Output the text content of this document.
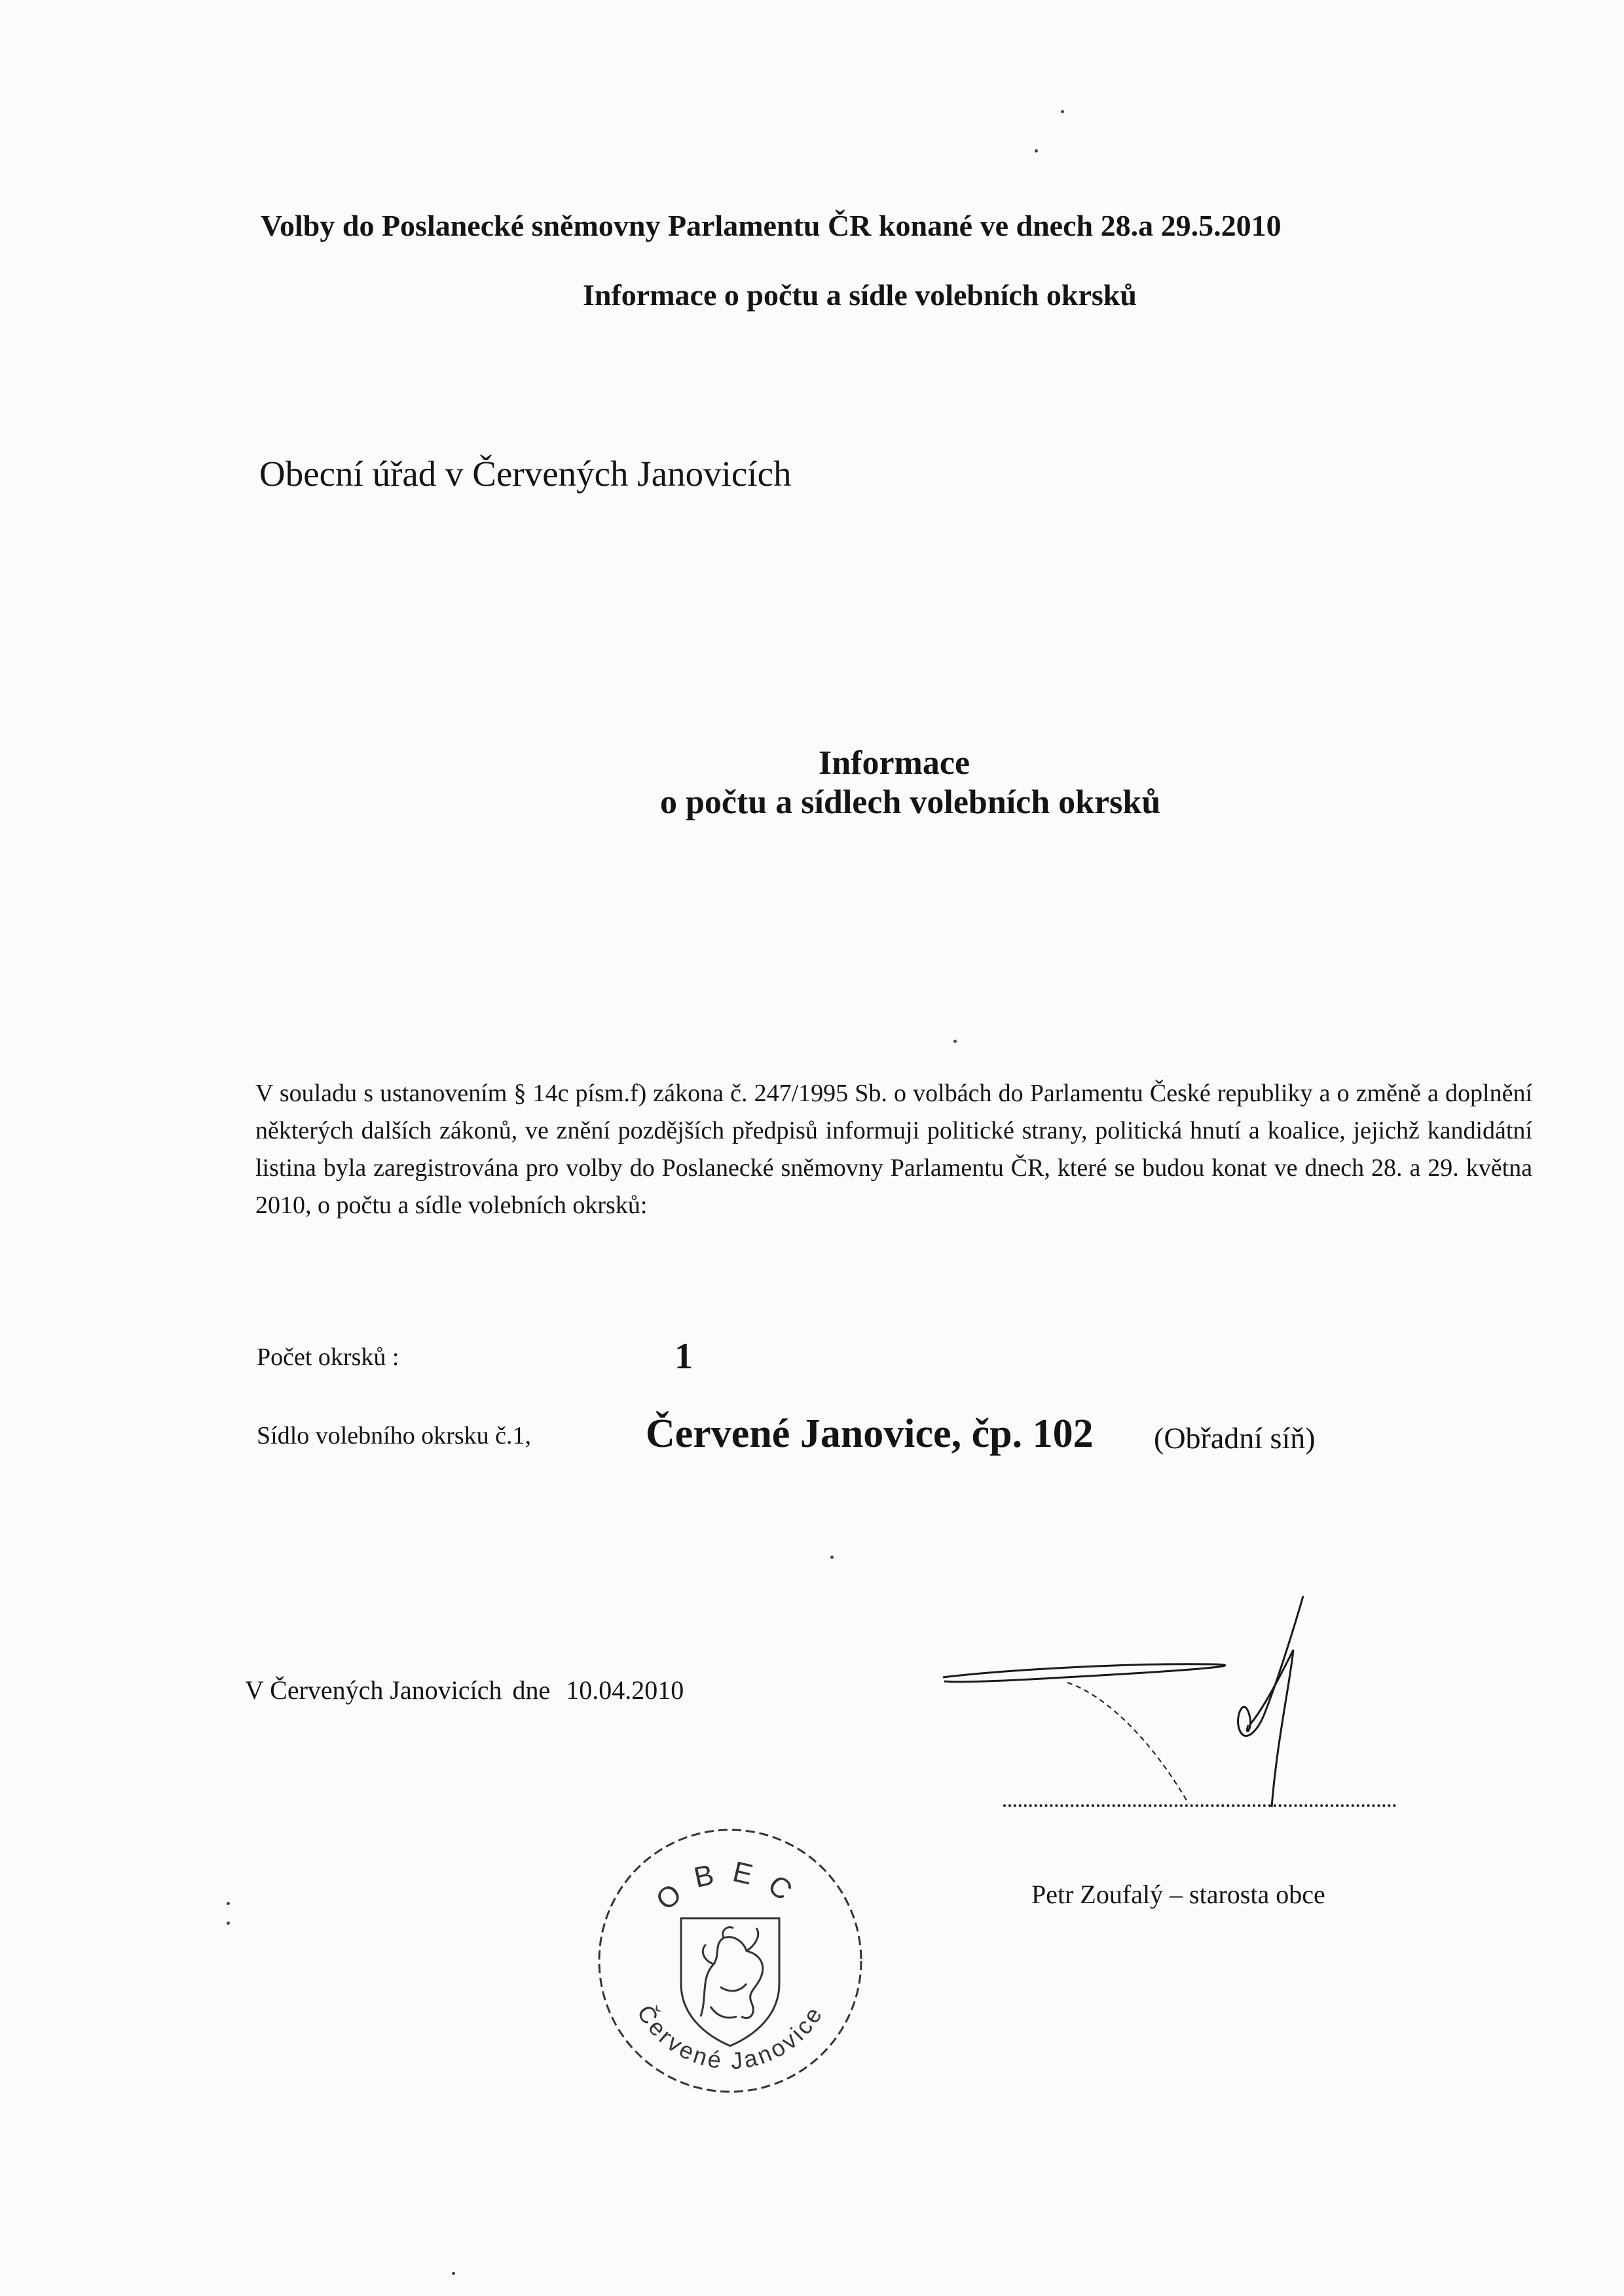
Volby do Poslanecké sněmovny Parlamentu ČR konané ve dnech 28.a 29.5.2010
Informace o počtu a sídle volebních okrsků
Obecní úřad v Červených Janovicích
Informace
o počtu a sídlech volebních okrsků
V souladu s ustanovením § 14c písm.f) zákona č. 247/1995 Sb. o volbách do Parlamentu České republiky a o změně a doplnění některých dalších zákonů, ve znění pozdějších předpisů informuji politické strany, politická hnutí a koalice, jejichž kandidátní listina byla zaregistrována pro volby do Poslanecké sněmovny Parlamentu ČR, které se budou konat ve dnech 28. a 29. května 2010, o počtu a sídle volebních okrsků:
Počet okrsků :	1
Sídlo volebního okrsku č.1,	Červené Janovice, čp. 102 (Obřadní síň)
V Červených Janovicích dne 10.04.2010
Petr Zoufalý – starosta obce
OBEC
Červené Janovice
